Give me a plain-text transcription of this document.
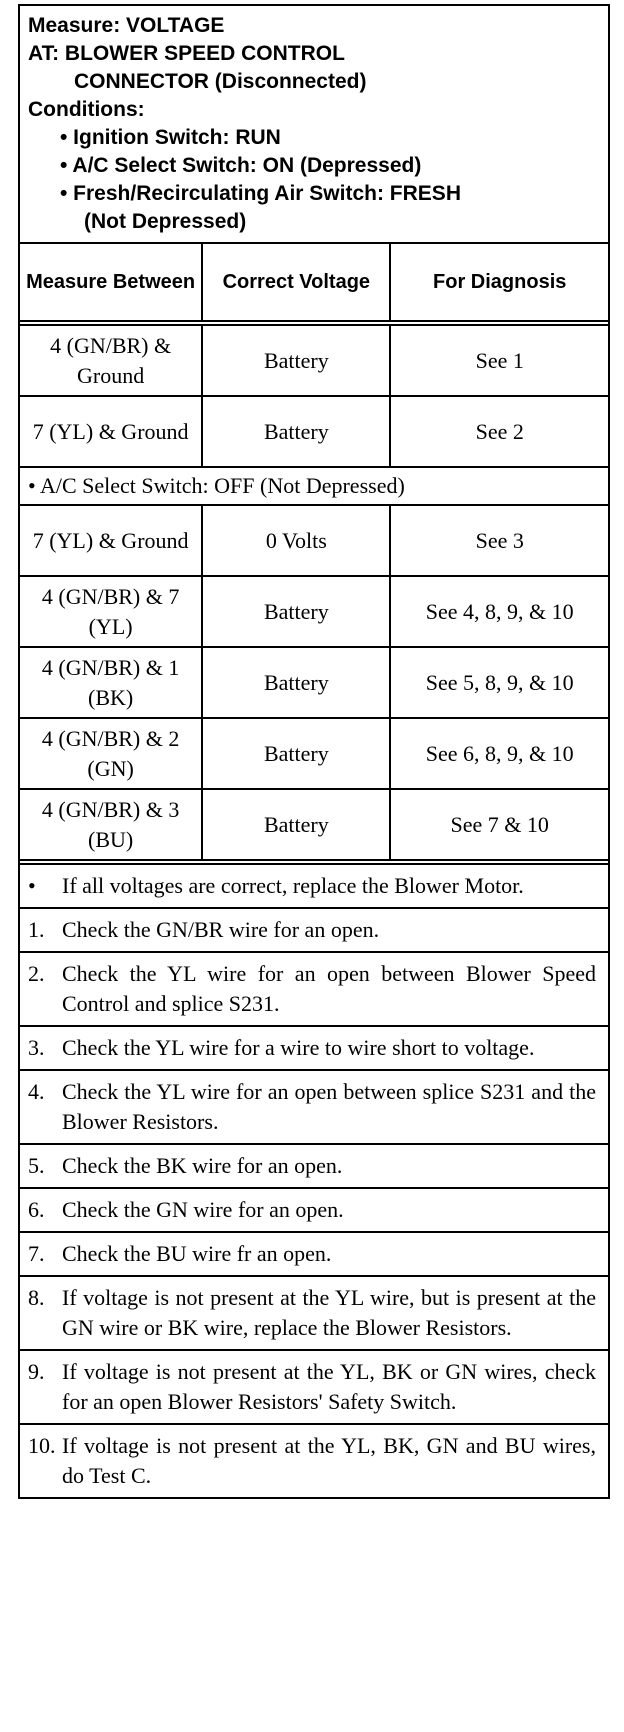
Measure: VOLTAGE
AT: BLOWER SPEED CONTROL
CONNECTOR (Disconnected)
Conditions:
• Ignition Switch: RUN
• A/C Select Switch: ON (Depressed)
• Fresh/Recirculating Air Switch: FRESH
(Not Depressed)
Measure Between	Correct Voltage	For Diagnosis
4 (GN/BR) & Ground	Battery	See 1
7 (YL) & Ground	Battery	See 2
• A/C Select Switch: OFF (Not Depressed)		
7 (YL) & Ground	0 Volts	See 3
4 (GN/BR) & 7 (YL)	Battery	See 4, 8, 9, & 10
4 (GN/BR) & 1 (BK)	Battery	See 5, 8, 9, & 10
4 (GN/BR) & 2 (GN)	Battery	See 6, 8, 9, & 10
4 (GN/BR) & 3 (BU)	Battery	See 7 & 10
•	If all voltages are correct, replace the Blower Motor.
1. Check the GN/BR wire for an open.
2. Check the YL wire for an open between Blower Speed Control and splice S231.
3. Check the YL wire for a wire to wire short to voltage.
4. Check the YL wire for an open between splice S231 and the Blower Resistors.
5. Check the BK wire for an open.
6. Check the GN wire for an open.
7. Check the BU wire fr an open.
8. If voltage is not present at the YL wire, but is present at the GN wire or BK wire, replace the Blower Resistors.
9. If voltage is not present at the YL, BK or GN wires, check for an open Blower Resistors' Safety Switch.
10. If voltage is not present at the YL, BK, GN and BU wires, do Test C.
